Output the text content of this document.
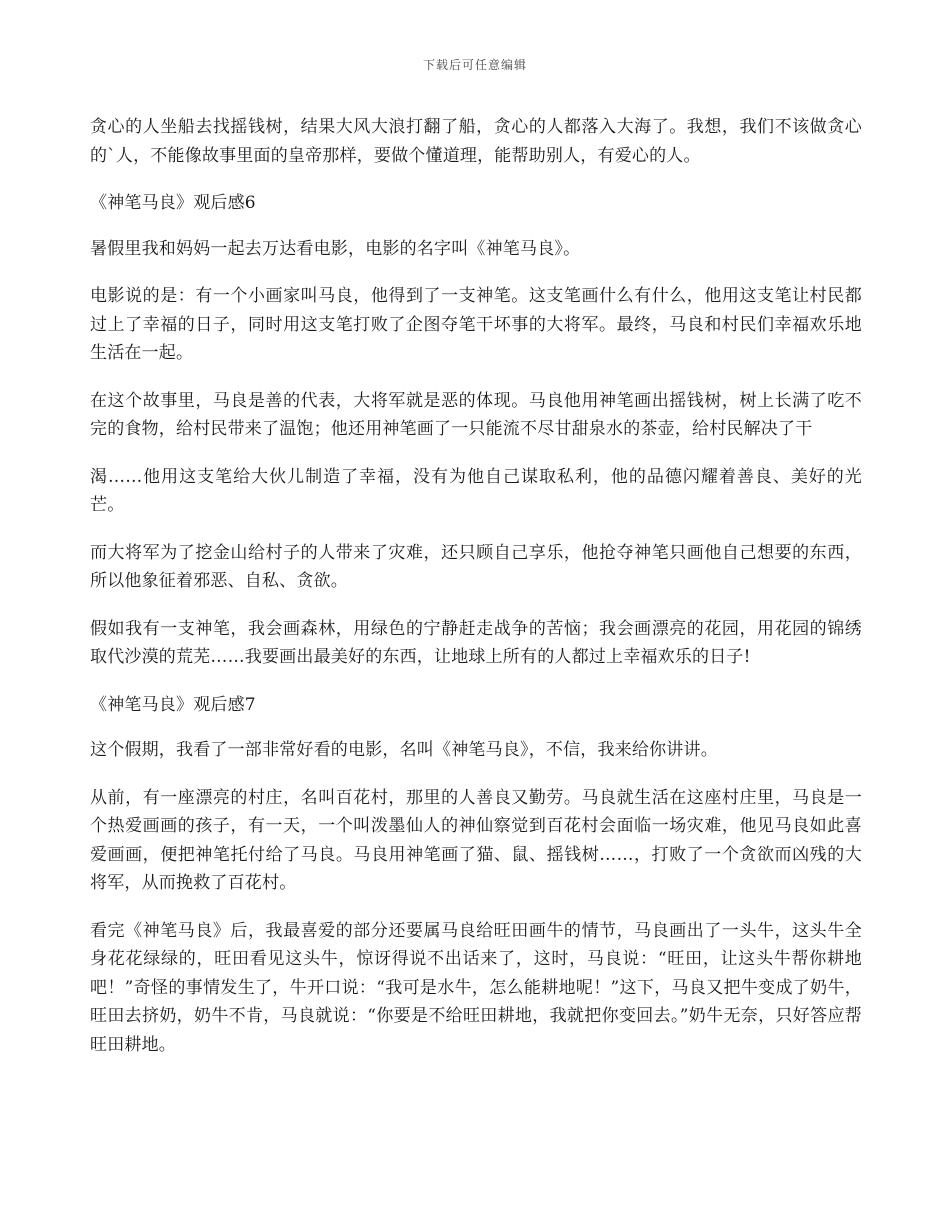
下载后可任意编辑

贪心的人坐船去找摇钱树，结果大风大浪打翻了船，贪心的人都落入大海了。我想，我们不该做贪心的`人，不能像故事里面的皇帝那样，要做个懂道理，能帮助别人，有爱心的人。

《神笔马良》观后感6

暑假里我和妈妈一起去万达看电影，电影的名字叫《神笔马良》。

电影说的是：有一个小画家叫马良，他得到了一支神笔。这支笔画什么有什么，他用这支笔让村民都过上了幸福的日子，同时用这支笔打败了企图夺笔干坏事的大将军。最终，马良和村民们幸福欢乐地生活在一起。

在这个故事里，马良是善的代表，大将军就是恶的体现。马良他用神笔画出摇钱树，树上长满了吃不完的食物，给村民带来了温饱；他还用神笔画了一只能流不尽甘甜泉水的茶壶，给村民解决了干

渴……他用这支笔给大伙儿制造了幸福，没有为他自己谋取私利，他的品德闪耀着善良、美好的光芒。

而大将军为了挖金山给村子的人带来了灾难，还只顾自己享乐，他抢夺神笔只画他自己想要的东西，所以他象征着邪恶、自私、贪欲。

假如我有一支神笔，我会画森林，用绿色的宁静赶走战争的苦恼；我会画漂亮的花园，用花园的锦绣取代沙漠的荒芜……我要画出最美好的东西，让地球上所有的人都过上幸福欢乐的日子!

《神笔马良》观后感7

这个假期，我看了一部非常好看的电影，名叫《神笔马良》，不信，我来给你讲讲。

从前，有一座漂亮的村庄，名叫百花村，那里的人善良又勤劳。马良就生活在这座村庄里，马良是一个热爱画画的孩子，有一天，一个叫泼墨仙人的神仙察觉到百花村会面临一场灾难，他见马良如此喜爱画画，便把神笔托付给了马良。马良用神笔画了猫、鼠、摇钱树……，打败了一个贪欲而凶残的大将军，从而挽救了百花村。

看完《神笔马良》后，我最喜爱的部分还要属马良给旺田画牛的情节，马良画出了一头牛，这头牛全身花花绿绿的，旺田看见这头牛，惊讶得说不出话来了，这时，马良说：“旺田，让这头牛帮你耕地吧！”奇怪的事情发生了，牛开口说：“我可是水牛，怎么能耕地呢！”这下，马良又把牛变成了奶牛，旺田去挤奶，奶牛不肯，马良就说：“你要是不给旺田耕地，我就把你变回去。”奶牛无奈，只好答应帮旺田耕地。
